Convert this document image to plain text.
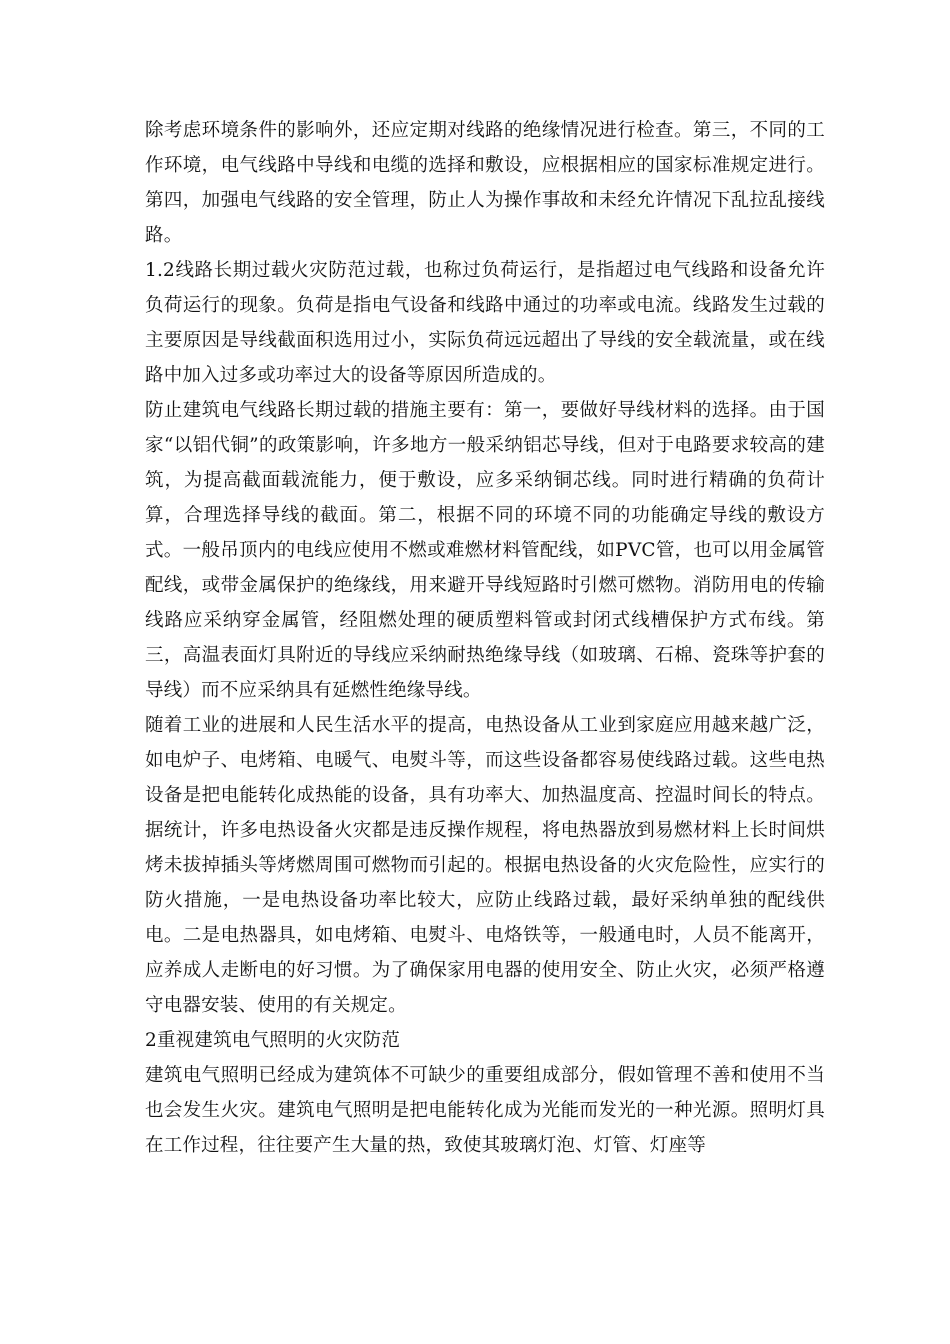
除考虑环境条件的影响外，还应定期对线路的绝缘情况进行检查。第三，不同的工作环境，电气线路中导线和电缆的选择和敷设，应根据相应的国家标准规定进行。第四，加强电气线路的安全管理，防止人为操作事故和未经允许情况下乱拉乱接线路。

1.2线路长期过载火灾防范过载，也称过负荷运行，是指超过电气线路和设备允许负荷运行的现象。负荷是指电气设备和线路中通过的功率或电流。线路发生过载的主要原因是导线截面积选用过小，实际负荷远远超出了导线的安全载流量，或在线路中加入过多或功率过大的设备等原因所造成的。

防止建筑电气线路长期过载的措施主要有：第一，要做好导线材料的选择。由于国家“以铝代铜”的政策影响，许多地方一般采纳铝芯导线，但对于电路要求较高的建筑，为提高截面载流能力，便于敷设，应多采纳铜芯线。同时进行精确的负荷计算，合理选择导线的截面。第二，根据不同的环境不同的功能确定导线的敷设方式。一般吊顶内的电线应使用不燃或难燃材料管配线，如PVC管，也可以用金属管配线，或带金属保护的绝缘线，用来避开导线短路时引燃可燃物。消防用电的传输线路应采纳穿金属管，经阻燃处理的硬质塑料管或封闭式线槽保护方式布线。第三，高温表面灯具附近的导线应采纳耐热绝缘导线（如玻璃、石棉、瓷珠等护套的导线）而不应采纳具有延燃性绝缘导线。

随着工业的进展和人民生活水平的提高，电热设备从工业到家庭应用越来越广泛，如电炉子、电烤箱、电暖气、电熨斗等，而这些设备都容易使线路过载。这些电热设备是把电能转化成热能的设备，具有功率大、加热温度高、控温时间长的特点。据统计，许多电热设备火灾都是违反操作规程，将电热器放到易燃材料上长时间烘烤未拔掉插头等烤燃周围可燃物而引起的。根据电热设备的火灾危险性，应实行的防火措施，一是电热设备功率比较大，应防止线路过载，最好采纳单独的配线供电。二是电热器具，如电烤箱、电熨斗、电烙铁等，一般通电时，人员不能离开，应养成人走断电的好习惯。为了确保家用电器的使用安全、防止火灾，必须严格遵守电器安装、使用的有关规定。

2重视建筑电气照明的火灾防范

建筑电气照明已经成为建筑体不可缺少的重要组成部分，假如管理不善和使用不当也会发生火灾。建筑电气照明是把电能转化成为光能而发光的一种光源。照明灯具在工作过程，往往要产生大量的热，致使其玻璃灯泡、灯管、灯座等
